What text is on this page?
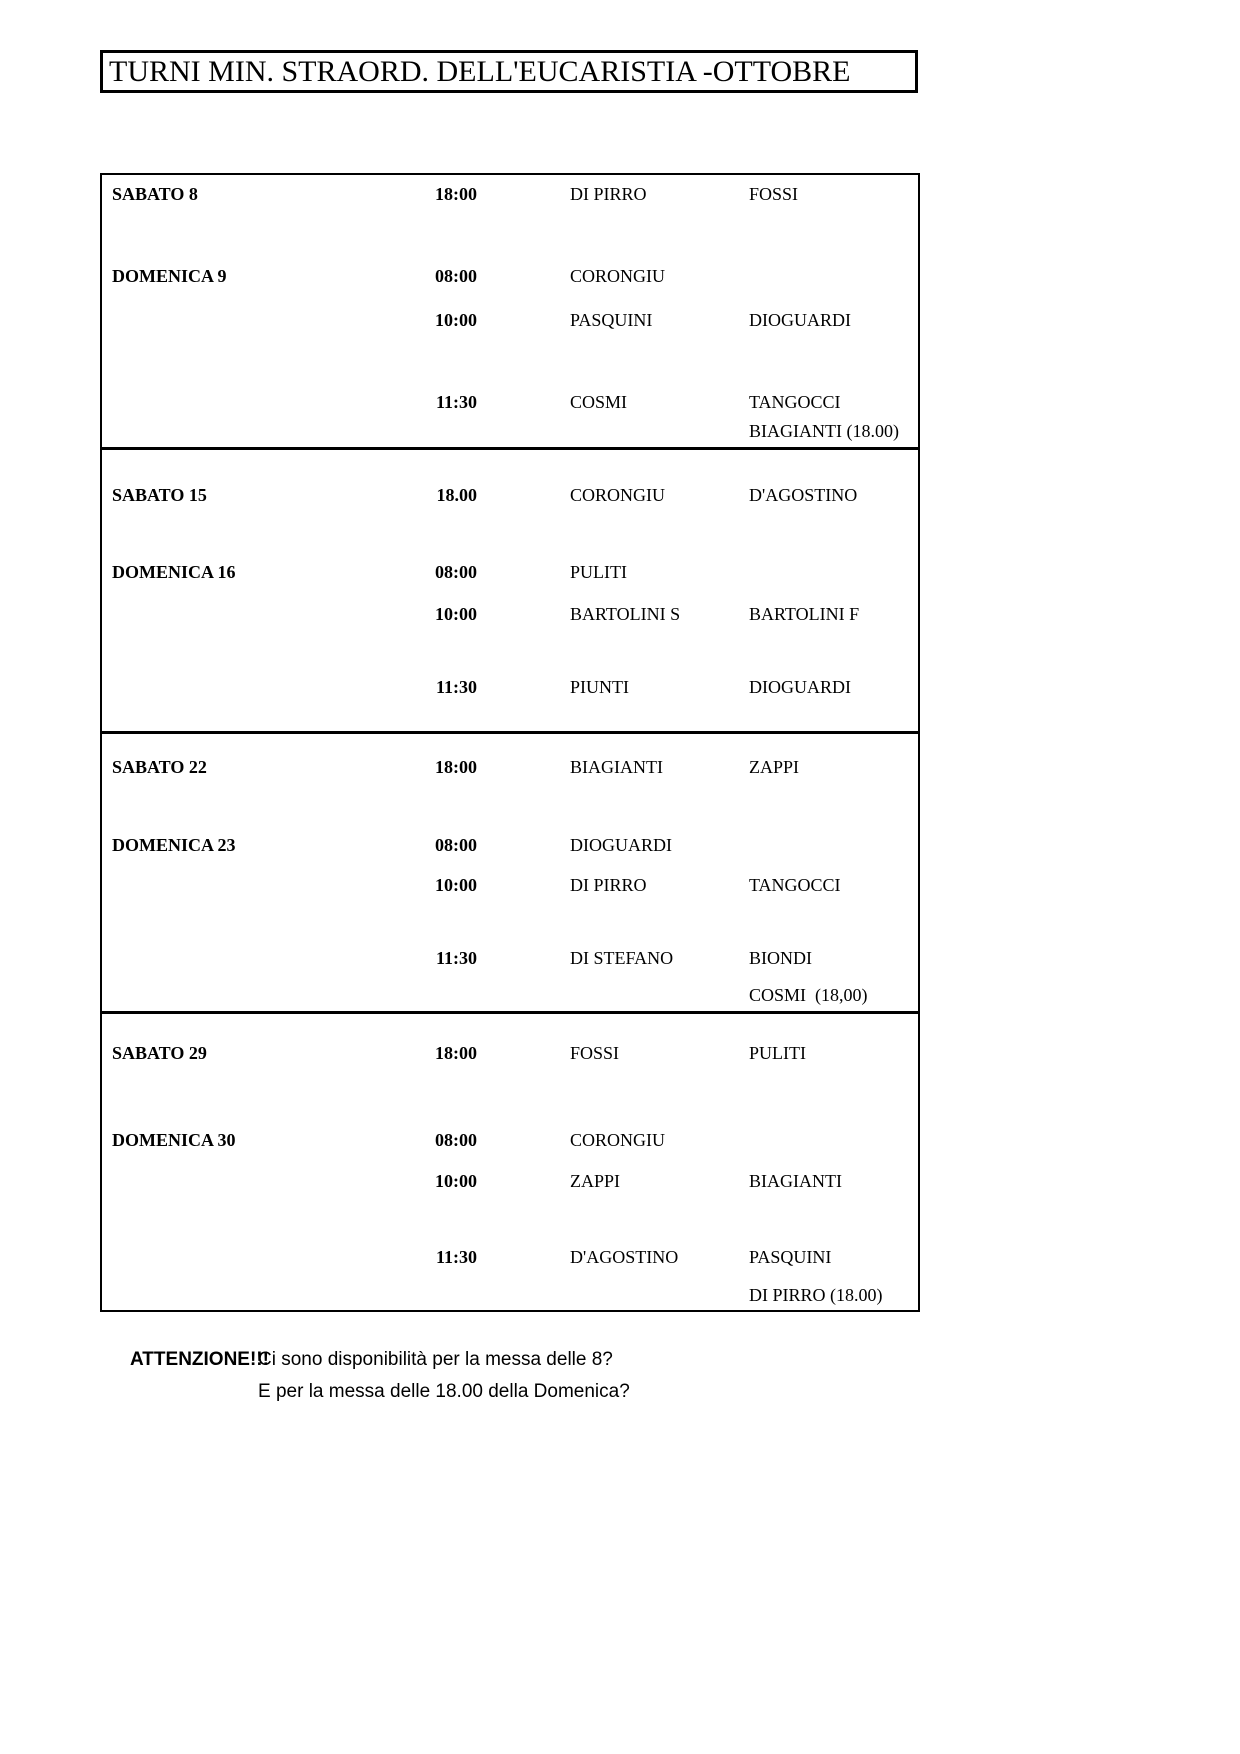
TURNI MIN. STRAORD. DELL'EUCARISTIA -OTTOBRE
SABATO 8	18:00	DI PIRRO	FOSSI
DOMENICA 9	08:00	CORONGIU
10:00	PASQUINI	DIOGUARDI
11:30	COSMI	TANGOCCI
BIAGIANTI (18.00)
SABATO 15	18.00	CORONGIU	D'AGOSTINO
DOMENICA 16	08:00	PULITI
10:00	BARTOLINI S	BARTOLINI F
11:30	PIUNTI	DIOGUARDI
SABATO 22	18:00	BIAGIANTI	ZAPPI
DOMENICA 23	08:00	DIOGUARDI
10:00	DI PIRRO	TANGOCCI
11:30	DI STEFANO	BIONDI
COSMI  (18,00)
SABATO 29	18:00	FOSSI	PULITI
DOMENICA 30	08:00	CORONGIU
10:00	ZAPPI	BIAGIANTI
11:30	D'AGOSTINO	PASQUINI
DI PIRRO (18.00)
ATTENZIONE!!!
Ci sono disponibilità per la messa delle 8?
E per la messa delle 18.00 della Domenica?
